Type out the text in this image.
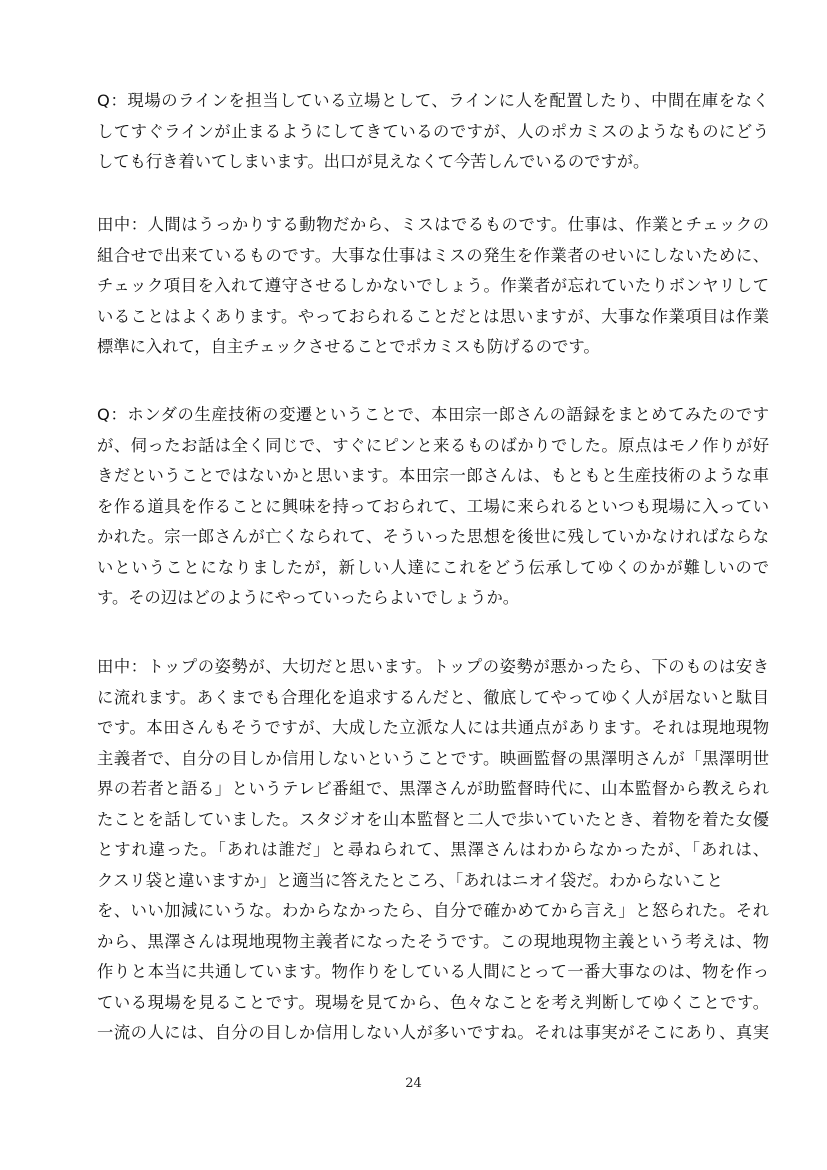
Q：現場のラインを担当している立場として、ラインに人を配置したり、中間在庫をなく
してすぐラインが止まるようにしてきているのですが、人のポカミスのようなものにどう
しても行き着いてしまいます。出口が見えなくて今苦しんでいるのですが。
田中：人間はうっかりする動物だから、ミスはでるものです。仕事は、作業とチェックの
組合せで出来ているものです。大事な仕事はミスの発生を作業者のせいにしないために、
チェック項目を入れて遵守させるしかないでしょう。作業者が忘れていたりボンヤリして
いることはよくあります。やっておられることだとは思いますが、大事な作業項目は作業
標準に入れて，自主チェックさせることでポカミスも防げるのです。
Q：ホンダの生産技術の変遷ということで、本田宗一郎さんの語録をまとめてみたのです
が、伺ったお話は全く同じで、すぐにピンと来るものばかりでした。原点はモノ作りが好
きだということではないかと思います。本田宗一郎さんは、もともと生産技術のような車
を作る道具を作ることに興味を持っておられて、工場に来られるといつも現場に入ってい
かれた。宗一郎さんが亡くなられて、そういった思想を後世に残していかなければならな
いということになりましたが，新しい人達にこれをどう伝承してゆくのかが難しいので
す。その辺はどのようにやっていったらよいでしょうか。
田中：トップの姿勢が、大切だと思います。トップの姿勢が悪かったら、下のものは安き
に流れます。あくまでも合理化を追求するんだと、徹底してやってゆく人が居ないと駄目
です。本田さんもそうですが、大成した立派な人には共通点があります。それは現地現物
主義者で、自分の目しか信用しないということです。映画監督の黒澤明さんが「黒澤明世
界の若者と語る」というテレビ番組で、黒澤さんが助監督時代に、山本監督から教えられ
たことを話していました。スタジオを山本監督と二人で歩いていたとき、着物を着た女優
とすれ違った。「あれは誰だ」と尋ねられて、黒澤さんはわからなかったが、「あれは、
クスリ袋と違いますか」と適当に答えたところ、「あれはニオイ袋だ。わからないこと
を、いい加減にいうな。わからなかったら、自分で確かめてから言え」と怒られた。それ
から、黒澤さんは現地現物主義者になったそうです。この現地現物主義という考えは、物
作りと本当に共通しています。物作りをしている人間にとって一番大事なのは、物を作っ
ている現場を見ることです。現場を見てから、色々なことを考え判断してゆくことです。
一流の人には、自分の目しか信用しない人が多いですね。それは事実がそこにあり、真実
24
